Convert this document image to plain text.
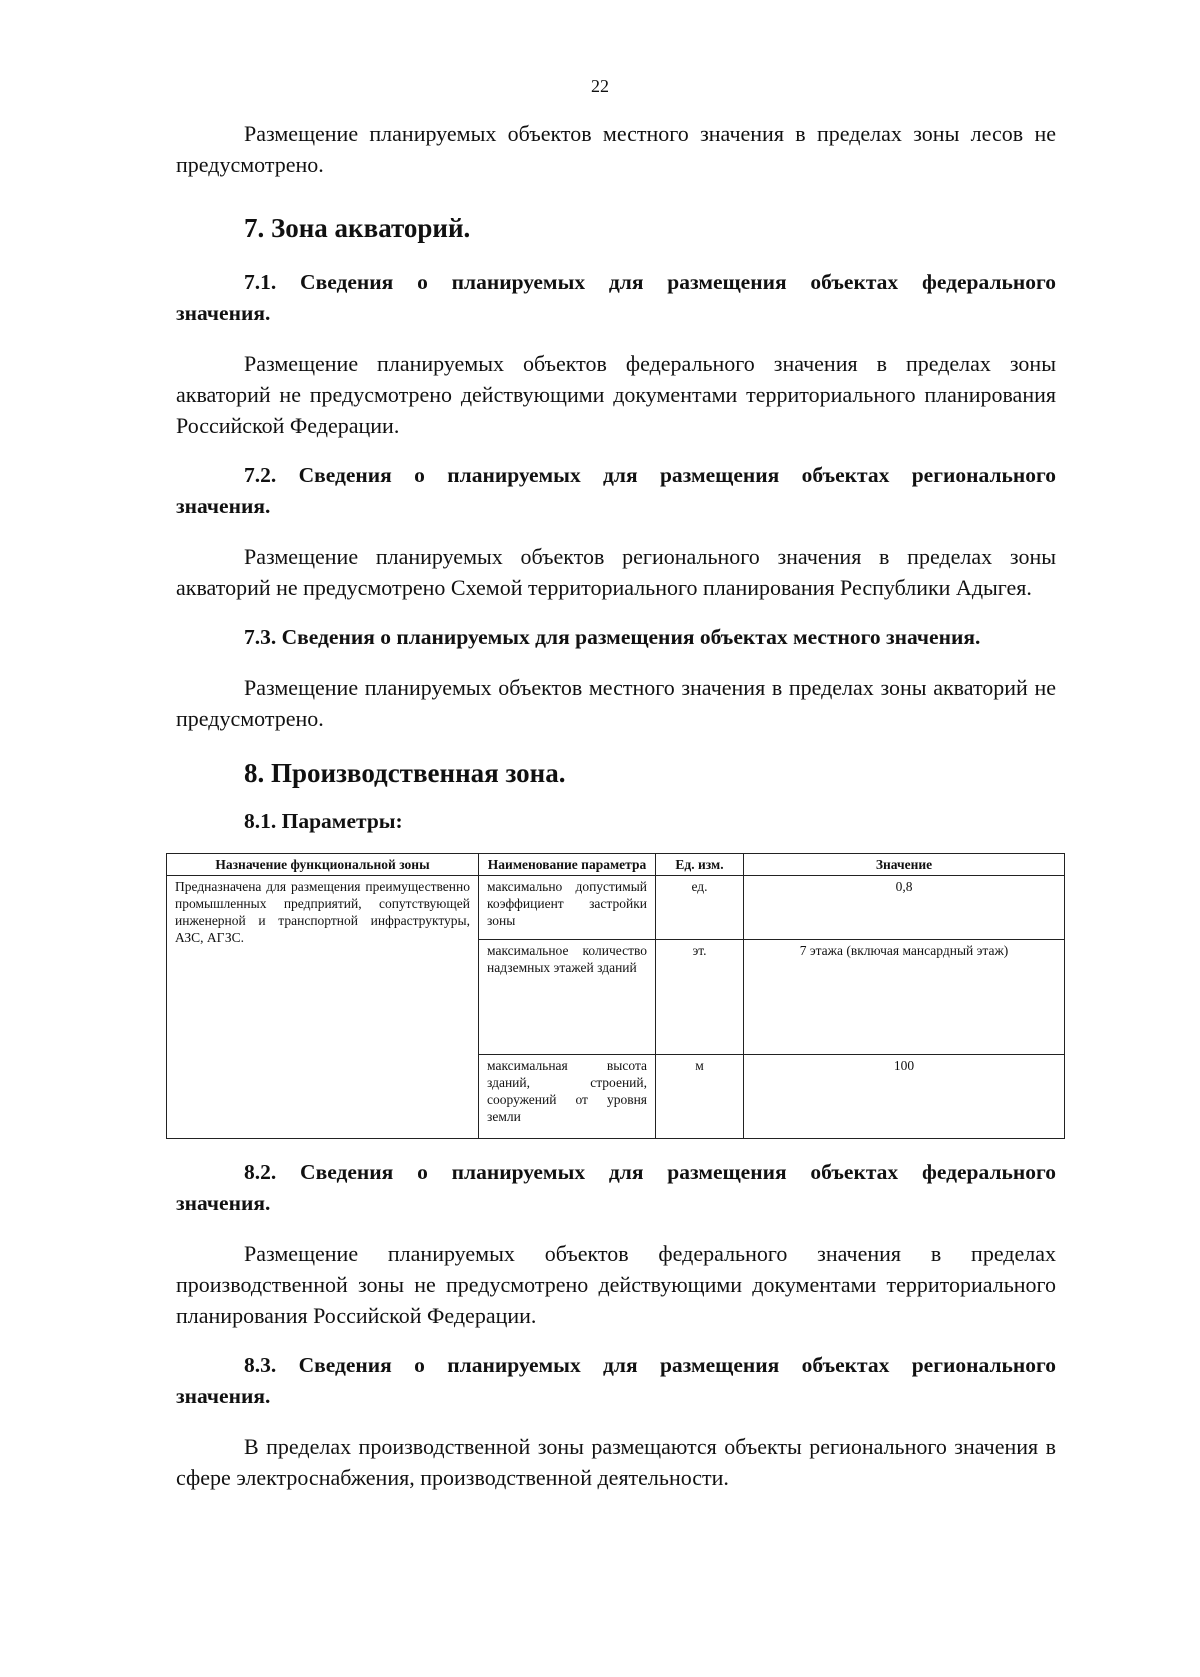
22

Размещение планируемых объектов местного значения в пределах зоны лесов не предусмотрено.

7. Зона акваторий.
7.1. Сведения о планируемых для размещения объектах федерального значения.

Размещение планируемых объектов федерального значения в пределах зоны акваторий не предусмотрено действующими документами территориального планирования Российской Федерации.

7.2. Сведения о планируемых для размещения объектах регионального значения.

Размещение планируемых объектов регионального значения в пределах зоны акваторий не предусмотрено Схемой территориального планирования Республики Адыгея.

7.3. Сведения о планируемых для размещения объектах местного значения.

Размещение планируемых объектов местного значения в пределах зоны акваторий не предусмотрено.

8. Производственная зона.
8.1. Параметры:
Назначение функциональной зоны	Наименование параметра	Ед. изм.	Значение
Предназначена для размещения преимущественно промышленных предприятий, сопутствующей инженерной и транспортной инфраструктуры, АЗС, АГЗС.	максимально допустимый коэффициент застройки зоны	ед.	0,8
	максимальное количество надземных этажей зданий	эт.	7 этажа (включая мансардный этаж)
	максимальная высота зданий, строений, сооружений от уровня земли	м	100
8.2. Сведения о планируемых для размещения объектах федерального значения.

Размещение планируемых объектов федерального значения в пределах производственной зоны не предусмотрено действующими документами территориального планирования Российской Федерации.

8.3. Сведения о планируемых для размещения объектах регионального значения.

В пределах производственной зоны размещаются объекты регионального значения в сфере электроснабжения, производственной деятельности.
